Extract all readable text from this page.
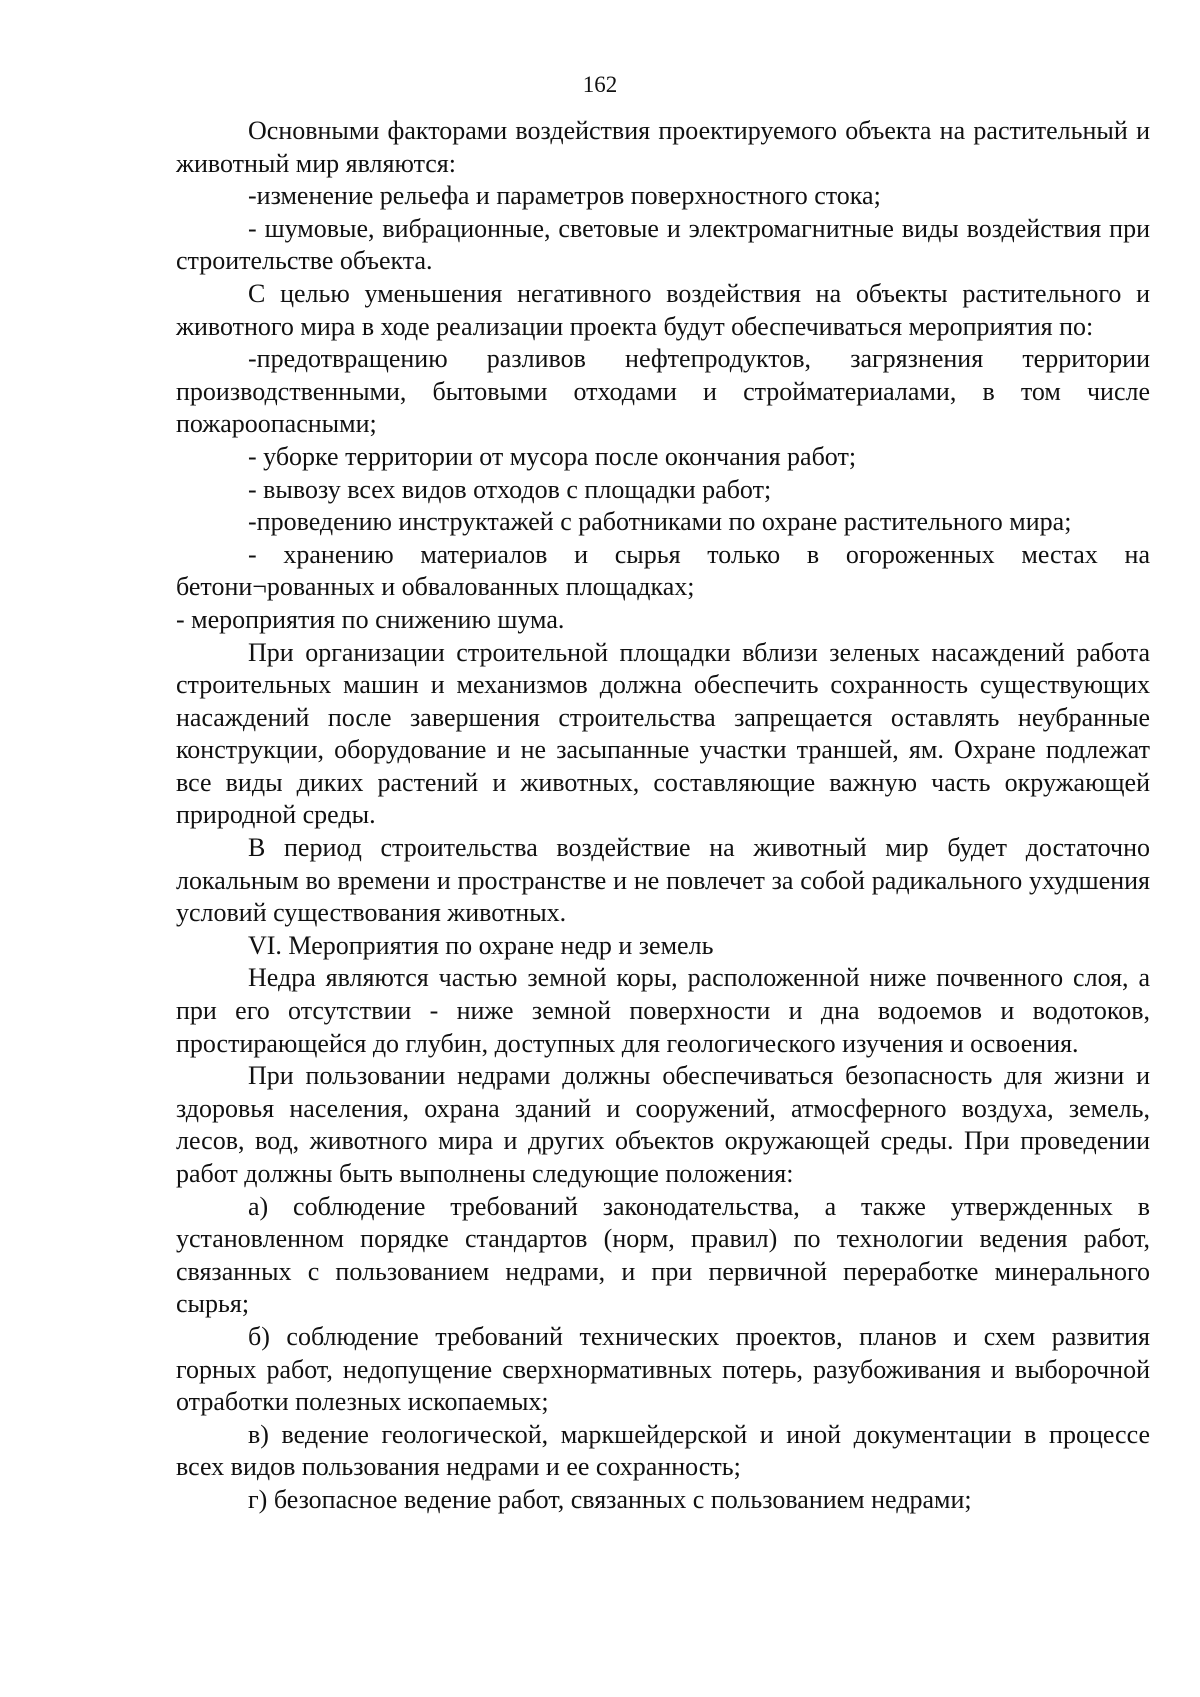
162

Основными факторами воздействия проектируемого объекта на растительный и животный мир являются:

-изменение рельефа и параметров поверхностного стока;

- шумовые, вибрационные, световые и электромагнитные виды воздействия при строительстве объекта.

С целью уменьшения негативного воздействия на объекты растительного и животного мира в ходе реализации проекта будут обеспечиваться мероприятия по:

-предотвращению разливов нефтепродуктов, загрязнения территории производственными, бытовыми отходами и стройматериалами, в том числе пожароопасными;

- уборке территории от мусора после окончания работ;

- вывозу всех видов отходов с площадки работ;

-проведению инструктажей с работниками по охране растительного мира;

- хранению материалов и сырья только в огороженных местах на бетони¬рованных и обвалованных площадках;

- мероприятия по снижению шума.

При организации строительной площадки вблизи зеленых насаждений работа строительных машин и механизмов должна обеспечить сохранность существующих насаждений после завершения строительства запрещается оставлять неубранные конструкции, оборудование и не засыпанные участки траншей, ям. Охране подлежат все виды диких растений и животных, составляющие важную часть окружающей природной среды.

В период строительства воздействие на животный мир будет достаточно локальным во времени и пространстве и не повлечет за собой радикального ухудшения условий существования животных.

VI. Мероприятия по охране недр и земель

Недра являются частью земной коры, расположенной ниже почвенного слоя, а при его отсутствии - ниже земной поверхности и дна водоемов и водотоков, простирающейся до глубин, доступных для геологического изучения и освоения.

При пользовании недрами должны обеспечиваться безопасность для жизни и здоровья населения, охрана зданий и сооружений, атмосферного воздуха, земель, лесов, вод, животного мира и других объектов окружающей среды. При проведении работ должны быть выполнены следующие положения:

а) соблюдение требований законодательства, а также утвержденных в установленном порядке стандартов (норм, правил) по технологии ведения работ, связанных с пользованием недрами, и при первичной переработке минерального сырья;

б) соблюдение требований технических проектов, планов и схем развития горных работ, недопущение сверхнормативных потерь, разубоживания и выборочной отработки полезных ископаемых;

в) ведение геологической, маркшейдерской и иной документации в процессе всех видов пользования недрами и ее сохранность;

г) безопасное ведение работ, связанных с пользованием недрами;
